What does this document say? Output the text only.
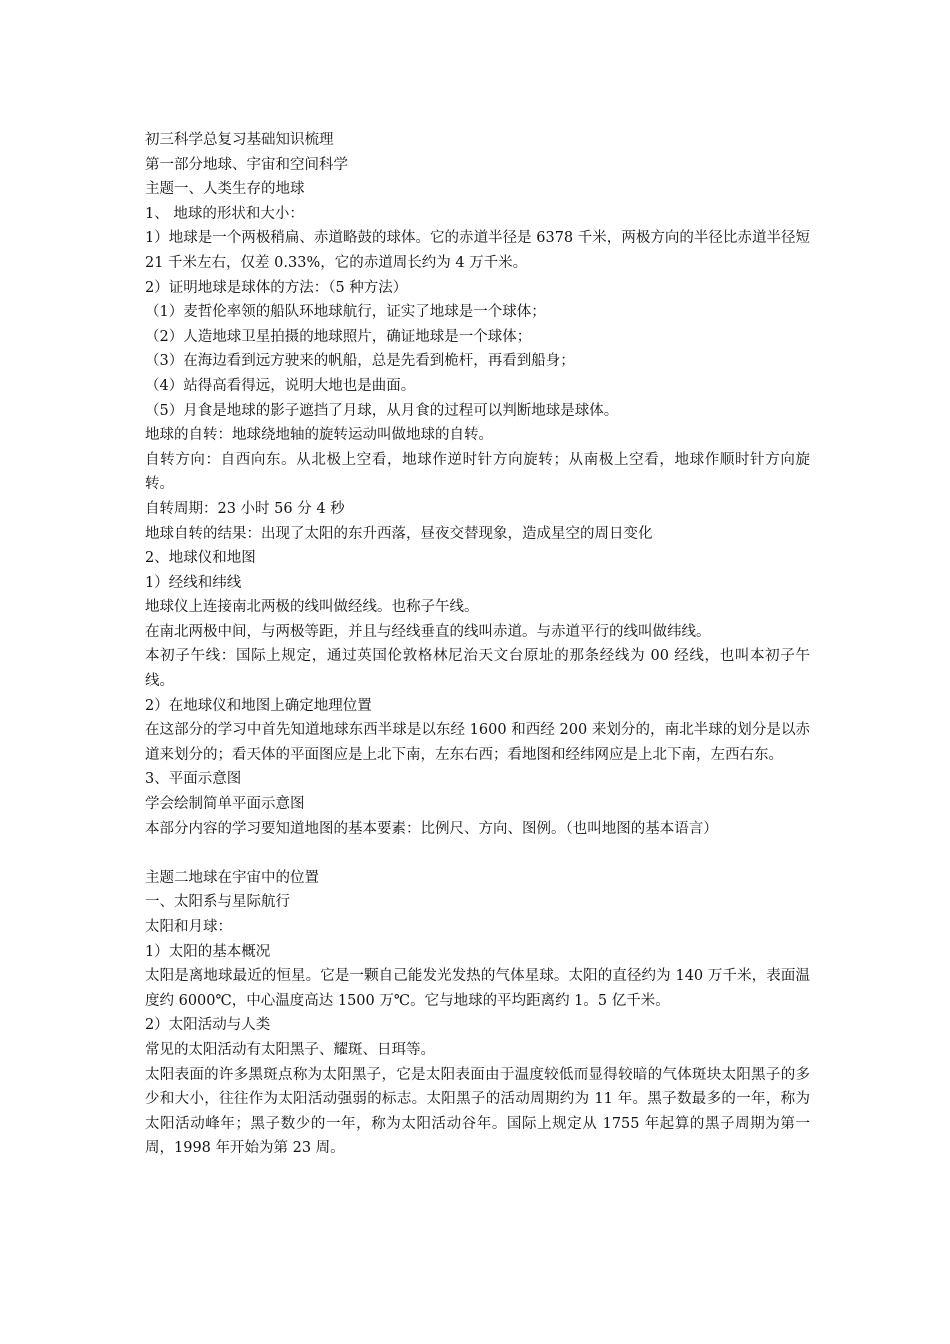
初三科学总复习基础知识梳理

第一部分地球、宇宙和空间科学

主题一、人类生存的地球

1、 地球的形状和大小：

1）地球是一个两极稍扁、赤道略鼓的球体。它的赤道半径是 6378 千米，两极方向的半径比赤道半径短 21 千米左右，仅差 0.33%，它的赤道周长约为 4 万千米。

2）证明地球是球体的方法：（5 种方法）

（1）麦哲伦率领的船队环地球航行，证实了地球是一个球体；

（2）人造地球卫星拍摄的地球照片，确证地球是一个球体；

（3）在海边看到远方驶来的帆船，总是先看到桅杆，再看到船身；

（4）站得高看得远，说明大地也是曲面。

（5）月食是地球的影子遮挡了月球，从月食的过程可以判断地球是球体。

地球的自转：地球绕地轴的旋转运动叫做地球的自转。

自转方向：自西向东。从北极上空看，地球作逆时针方向旋转；从南极上空看，地球作顺时针方向旋转。

自转周期：23 小时 56 分 4 秒

地球自转的结果：出现了太阳的东升西落，昼夜交替现象，造成星空的周日变化

2、地球仪和地图

1）经线和纬线

地球仪上连接南北两极的线叫做经线。也称子午线。

在南北两极中间，与两极等距，并且与经线垂直的线叫赤道。与赤道平行的线叫做纬线。

本初子午线：国际上规定，通过英国伦敦格林尼治天文台原址的那条经线为 00 经线，也叫本初子午线。

2）在地球仪和地图上确定地理位置

在这部分的学习中首先知道地球东西半球是以东经 1600 和西经 200 来划分的，南北半球的划分是以赤道来划分的；看天体的平面图应是上北下南，左东右西；看地图和经纬网应是上北下南，左西右东。

3、平面示意图

学会绘制简单平面示意图

本部分内容的学习要知道地图的基本要素：比例尺、方向、图例。（也叫地图的基本语言）

主题二地球在宇宙中的位置

一、太阳系与星际航行

太阳和月球：

1）太阳的基本概况

太阳是离地球最近的恒星。它是一颗自己能发光发热的气体星球。太阳的直径约为 140 万千米，表面温度约 6000℃，中心温度高达 1500 万℃。它与地球的平均距离约 1。5 亿千米。

2）太阳活动与人类

常见的太阳活动有太阳黑子、耀斑、日珥等。

太阳表面的许多黑斑点称为太阳黑子，它是太阳表面由于温度较低而显得较暗的气体斑块太阳黑子的多少和大小，往往作为太阳活动强弱的标志。太阳黑子的活动周期约为 11 年。黑子数最多的一年，称为太阳活动峰年；黑子数少的一年，称为太阳活动谷年。国际上规定从 1755 年起算的黑子周期为第一周，1998 年开始为第 23 周。
